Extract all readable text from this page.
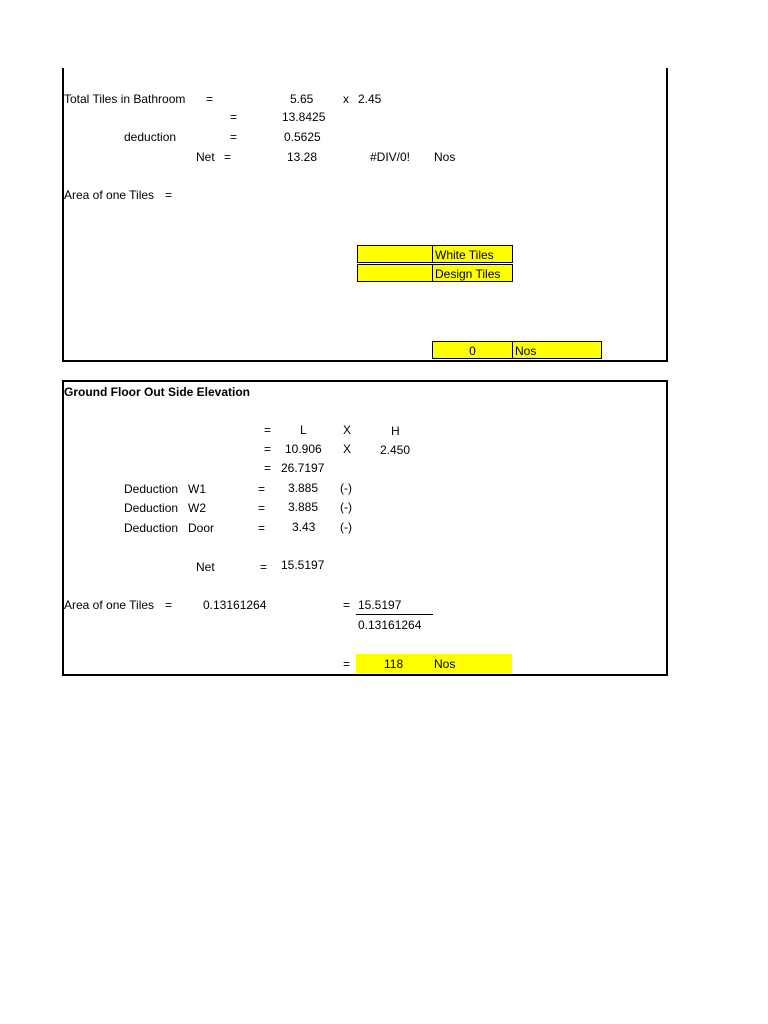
Total Tiles in Bathroom =	5.65 x 2.45
=	13.8425
deduction	=	0.5625
Net =	13.28	#DIV/0! Nos
Area of one Tiles =
White Tiles
Design Tiles
0	Nos
Ground Floor Out Side Elevation
= L	X	H
= 10.906 X 2.450
= 26.7197
Deduction W1	= 3.885 (-)
Deduction W2	= 3.885 (-)
Deduction Door	= 3.43 (-)
Net	= 15.5197
Area of one Tiles =	0.13161264	= 15.5197
0.13161264
=	118	Nos
